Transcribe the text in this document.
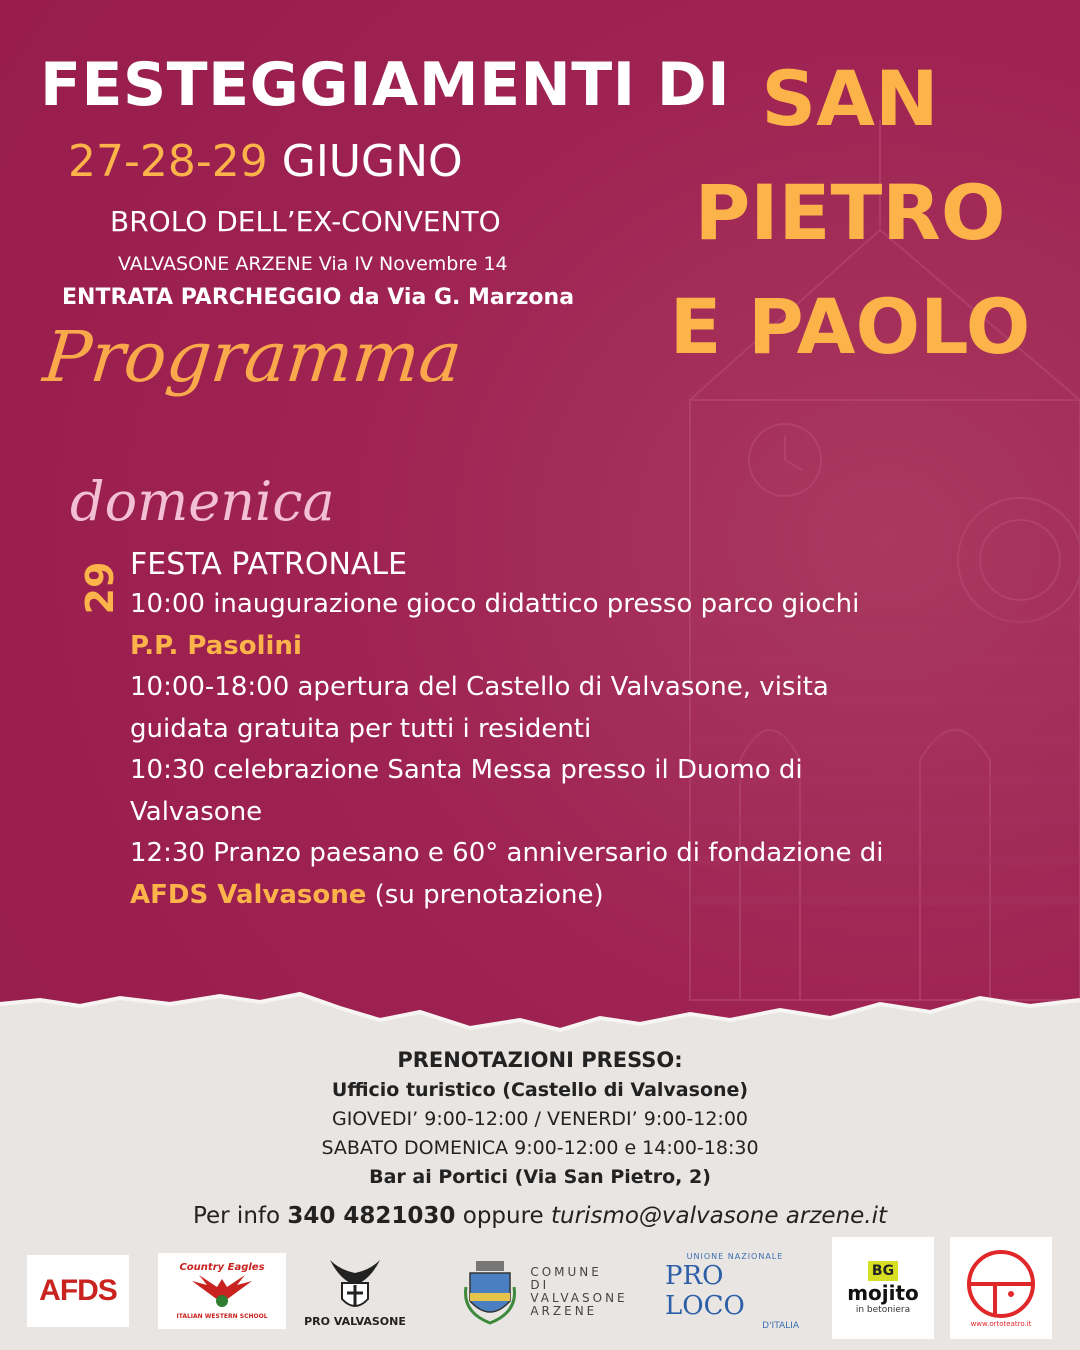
FESTEGGIAMENTI DI SAN
PIETRO
E PAOLO
27-28-29 GIUGNO
BROLO DELL’EX-CONVENTO
VALVASONE ARZENE Via IV Novembre 14
ENTRATA PARCHEGGIO da Via G. Marzona
Programma
domenica
29 FESTA PATRONALE
10:00 inaugurazione gioco didattico presso parco giochi
P.P. Pasolini
10:00-18:00 apertura del Castello di Valvasone, visita
guidata gratuita per tutti i residenti
10:30 celebrazione Santa Messa presso il Duomo di
Valvasone
12:30 Pranzo paesano e 60° anniversario di fondazione di
AFDS Valvasone (su prenotazione)
PRENOTAZIONI PRESSO:
Ufficio turistico (Castello di Valvasone)
GIOVEDI’ 9:00-12:00 / VENERDI’ 9:00-12:00
SABATO DOMENICA 9:00-12:00 e 14:00-18:30
Bar ai Portici (Via San Pietro, 2)
Per info 340 4821030 oppure turismo@valvasone arzene.it
AFDS
Country Eagles
ITALIAN WESTERN SCHOOL	PRO VALVASONE
COMUNE
DI
VALVASONE
ARZENE
UNIONE NAZIONALE
PRO LOCO
D'ITALIA
BG
mojito
in betoniera
www.ortoteatro.it
